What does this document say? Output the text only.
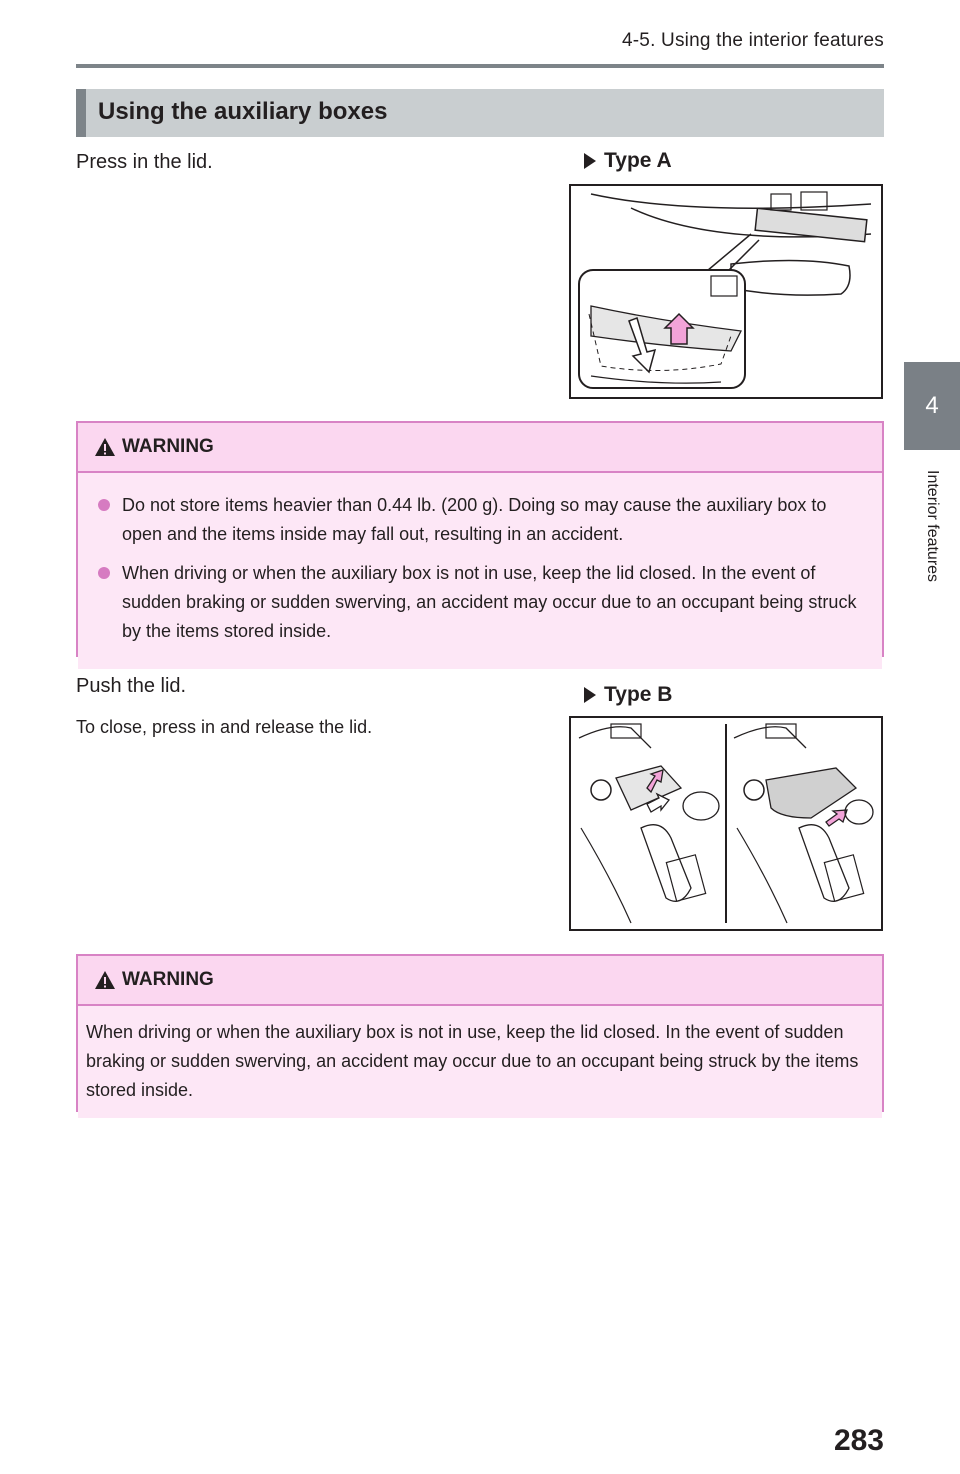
4-5. Using the interior features
4
Interior features
Using the auxiliary boxes
Press in the lid.	Type A
WARNING
Do not store items heavier than 0.44 lb. (200 g). Doing so may cause the auxiliary box to open and the items inside may fall out, resulting in an accident.
When driving or when the auxiliary box is not in use, keep the lid closed. In the event of sudden braking or sudden swerving, an accident may occur due to an occupant being struck by the items stored inside.
Push the lid.
To close, press in and release the lid.
Type B
WARNING
When driving or when the auxiliary box is not in use, keep the lid closed. In the event of sudden braking or sudden swerving, an accident may occur due to an occupant being struck by the items stored inside.
283
